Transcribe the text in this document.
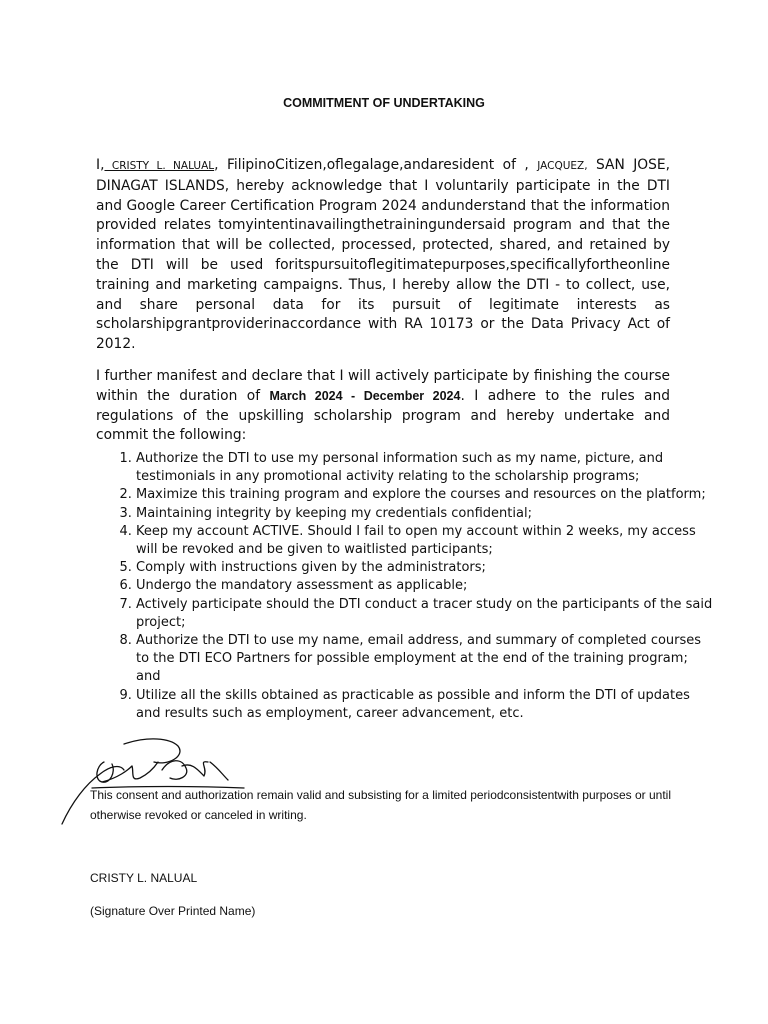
COMMITMENT OF UNDERTAKING

I, CRISTY L. NALUAL, FilipinoCitizen,oflegalage,andaresident of , JACQUEZ, SAN JOSE, DINAGAT ISLANDS, hereby acknowledge that I voluntarily participate in the DTI and Google Career Certification Program 2024 andunderstand that the information provided relates tomyintentinavailingthetrainingundersaid program and that the information that will be collected, processed, protected, shared, and retained by the DTI will be used foritspursuitoflegitimatepurposes,specificallyfortheonline training and marketing campaigns. Thus, I hereby allow the DTI - to collect, use, and share personal data for its pursuit of legitimate interests as scholarshipgrantproviderinaccordance with RA 10173 or the Data Privacy Act of 2012.

I further manifest and declare that I will actively participate by finishing the course within the duration of March 2024 - December 2024. I adhere to the rules and regulations of the upskilling scholarship program and hereby undertake and commit the following:

1. Authorize the DTI to use my personal information such as my name, picture, and testimonials in any promotional activity relating to the scholarship programs;
2. Maximize this training program and explore the courses and resources on the platform;
3. Maintaining integrity by keeping my credentials confidential;
4. Keep my account ACTIVE. Should I fail to open my account within 2 weeks, my access will be revoked and be given to waitlisted participants;
5. Comply with instructions given by the administrators;
6. Undergo the mandatory assessment as applicable;
7. Actively participate should the DTI conduct a tracer study on the participants of the said project;
8. Authorize the DTI to use my name, email address, and summary of completed courses to the DTI ECO Partners for possible employment at the end of the training program; and
9. Utilize all the skills obtained as practicable as possible and inform the DTI of updates and results such as employment, career advancement, etc.

This consent and authorization remain valid and subsisting for a limited periodconsistentwith purposes or until otherwise revoked or canceled in writing.

CRISTY L. NALUAL
(Signature Over Printed Name)
